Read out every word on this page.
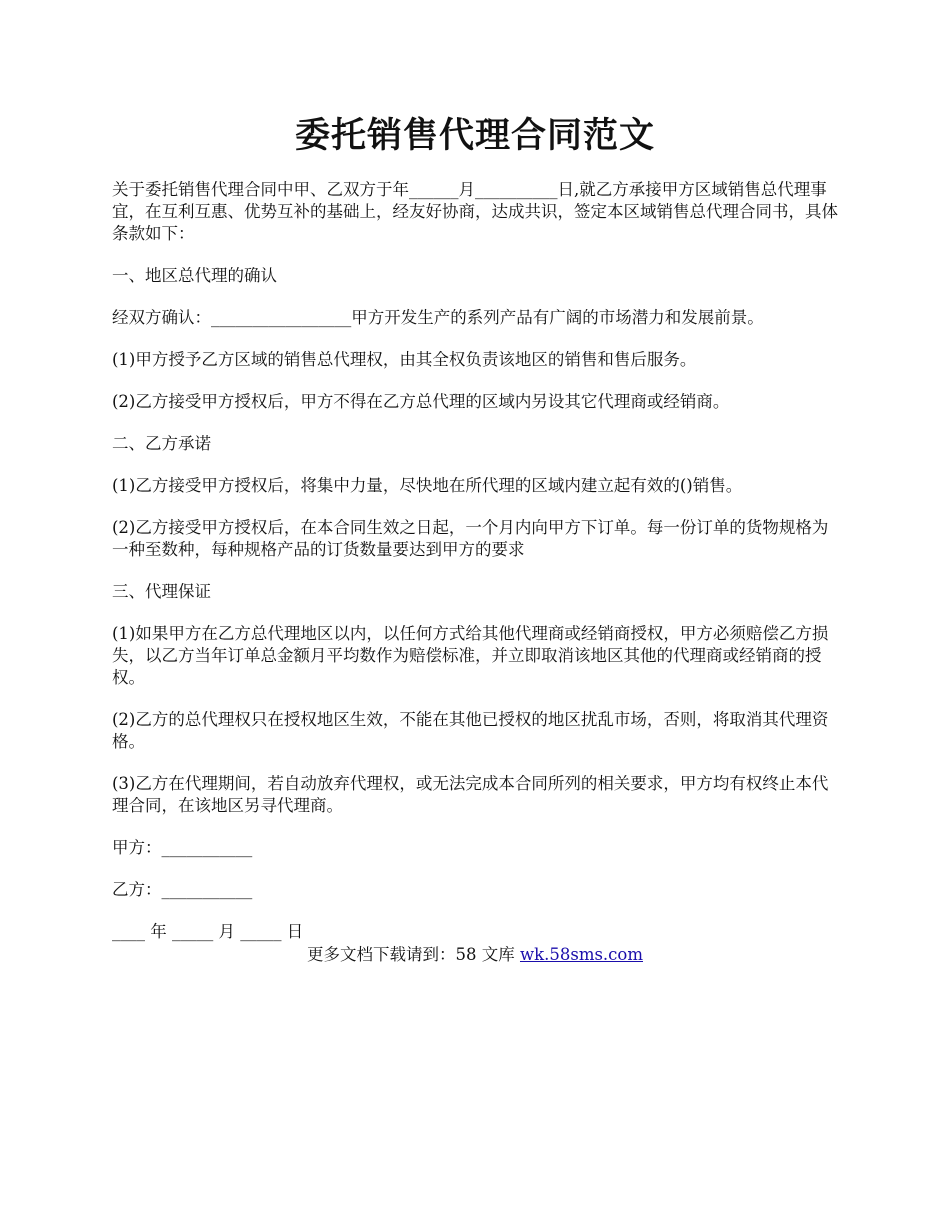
委托销售代理合同范文

关于委托销售代理合同中甲、乙双方于年______月__________日,就乙方承接甲方区域销售总代理事宜，在互利互惠、优势互补的基础上，经友好协商，达成共识，签定本区域销售总代理合同书，具体条款如下：

一、地区总代理的确认

经双方确认：_________________甲方开发生产的系列产品有广阔的市场潜力和发展前景。

(1)甲方授予乙方区域的销售总代理权，由其全权负责该地区的销售和售后服务。

(2)乙方接受甲方授权后，甲方不得在乙方总代理的区域内另设其它代理商或经销商。

二、乙方承诺

(1)乙方接受甲方授权后，将集中力量，尽快地在所代理的区域内建立起有效的()销售。

(2)乙方接受甲方授权后，在本合同生效之日起，一个月内向甲方下订单。每一份订单的货物规格为一种至数种，每种规格产品的订货数量要达到甲方的要求

三、代理保证

(1)如果甲方在乙方总代理地区以内，以任何方式给其他代理商或经销商授权，甲方必须赔偿乙方损失，以乙方当年订单总金额月平均数作为赔偿标准，并立即取消该地区其他的代理商或经销商的授权。

(2)乙方的总代理权只在授权地区生效，不能在其他已授权的地区扰乱市场，否则，将取消其代理资格。

(3)乙方在代理期间，若自动放弃代理权，或无法完成本合同所列的相关要求，甲方均有权终止本代理合同，在该地区另寻代理商。

甲方：___________

乙方：___________

____ 年 _____ 月 _____ 日

更多文档下载请到：58 文库 wk.58sms.com
